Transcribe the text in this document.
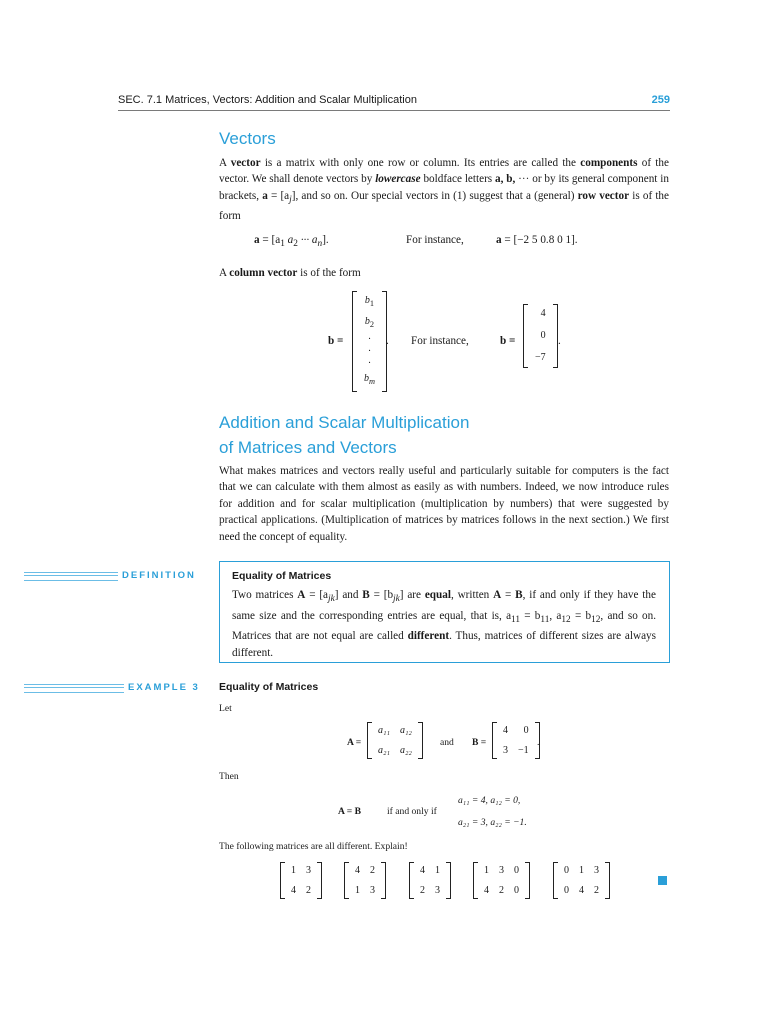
SEC. 7.1 Matrices, Vectors: Addition and Scalar Multiplication	259
Vectors

A vector is a matrix with only one row or column. Its entries are called the components of the vector. We shall denote vectors by lowercase boldface letters a, b, ··· or by its general component in brackets, $a = [a_j]$, and so on. Our special vectors in (1) suggest that a (general) row vector is of the form

$a = [a_1$ $a_2$ ··· $a_n$].	For instance,	a = [−2 5 0.8 0 1].

A column vector is of the form

b =
$b_1$
$b_2$
·
·
·
$b_m$
. For instance,	b =
4
0
−7
.
Addition and Scalar Multiplication
of Matrices and Vectors

What makes matrices and vectors really useful and particularly suitable for computers is the fact that we can calculate with them almost as easily as with numbers. Indeed, we now introduce rules for addition and for scalar multiplication (multiplication by numbers) that were suggested by practical applications. (Multiplication of matrices by matrices follows in the next section.) We first need the concept of equality.

DEFINITION	Equality of Matrices

Two matrices $A = [a_{jk}]$ and $B = [b_{jk}]$ are equal, written A = B, if and only if they have the same size and the corresponding entries are equal, that is, $a_{11} = b_{11}$, $a_{12} = b_{12}$, and so on. Matrices that are not equal are called different. Thus, matrices of different sizes are always different.

EXAMPLE 3 Equality of Matrices
Let
A =
a₁₁	a₁₂
a₂₁	a₂₂
and B =
4	0
3	−1
.
Then
A = B	if and only if
a₁₁ = 4, a₁₂ = 0,
a₂₁ = 3, a₂₂ = −1.
The following matrices are all different. Explain!
1	3
4	2
4	2
1	3
4	1
2	3
1	3	0
4	2	0
0	1	3
0	4	2
